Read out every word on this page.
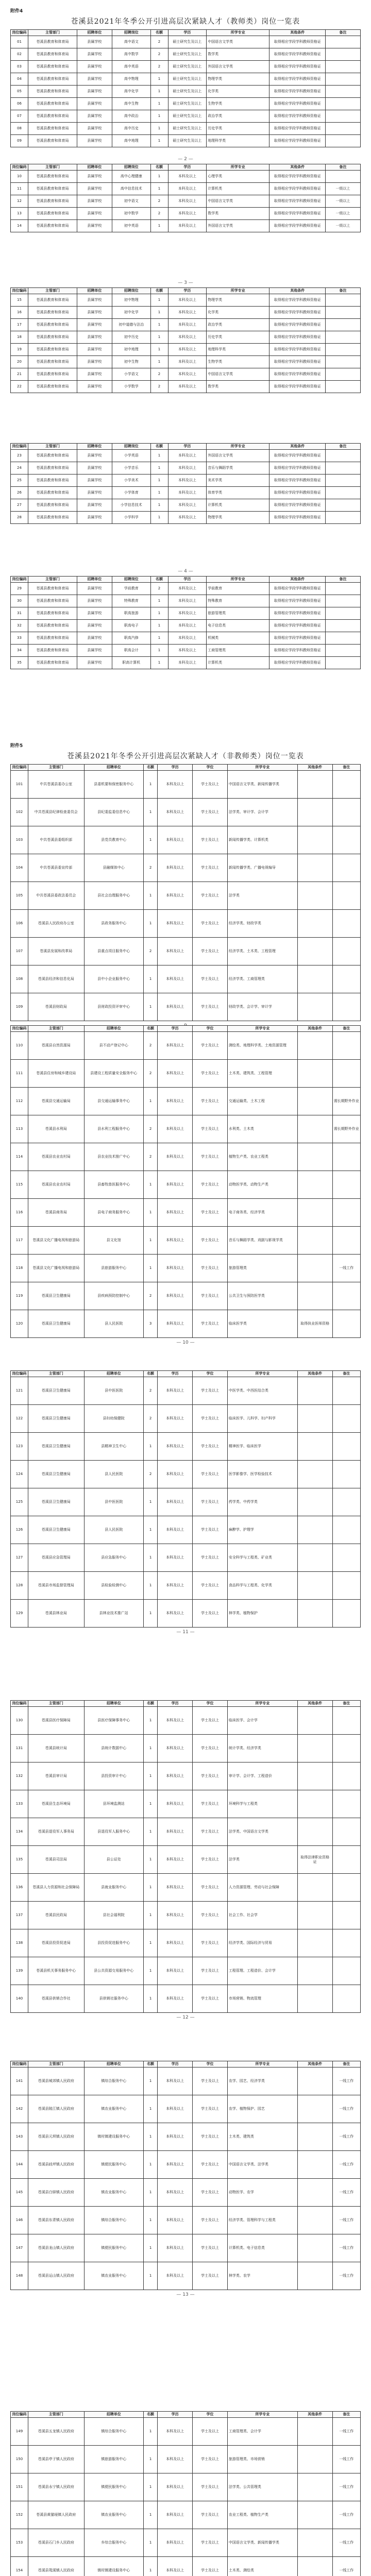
附件4
苍溪县2021年冬季公开引进高层次紧缺人才（教师类）岗位一览表
岗位编码	主管部门	招聘单位	招聘岗位	名额	学历	所学专业	其他条件	备注
01	苍溪县教育和体育局	县属学校	高中语文	2	硕士研究生及以上	中国语言文学类	取得相应学段学科教师资格证	
02	苍溪县教育和体育局	县属学校	高中数学	2	硕士研究生及以上	数学类	取得相应学段学科教师资格证	
03	苍溪县教育和体育局	县属学校	高中英语	2	硕士研究生及以上	外国语言文学类	取得相应学段学科教师资格证	
04	苍溪县教育和体育局	县属学校	高中物理	1	硕士研究生及以上	物理学类	取得相应学段学科教师资格证	
05	苍溪县教育和体育局	县属学校	高中化学	1	硕士研究生及以上	化学类	取得相应学段学科教师资格证	
06	苍溪县教育和体育局	县属学校	高中生物	1	硕士研究生及以上	生物学类	取得相应学段学科教师资格证	
07	苍溪县教育和体育局	县属学校	高中政治	1	硕士研究生及以上	政治学类	取得相应学段学科教师资格证	
08	苍溪县教育和体育局	县属学校	高中历史	1	硕士研究生及以上	历史学类	取得相应学段学科教师资格证	
09	苍溪县教育和体育局	县属学校	高中地理	1	硕士研究生及以上	地理科学类	取得相应学段学科教师资格证	
— 2 —
岗位编码	主管部门	招聘单位	招聘岗位	名额	学历	所学专业	其他条件	备注
10	苍溪县教育和体育局	县属学校	高中心理健康	1	本科及以上	心理学类	取得相应学段学科教师资格证	
11	苍溪县教育和体育局	县属学校	高中信息技术	1	本科及以上	计算机类	取得相应学段学科教师资格证	一级以上
12	苍溪县教育和体育局	县属学校	初中语文	2	本科及以上	中国语言文学类	取得相应学段学科教师资格证	一级以上
13	苍溪县教育和体育局	县属学校	初中数学	2	本科及以上	数学类	取得相应学段学科教师资格证	一级以上
14	苍溪县教育和体育局	县属学校	初中英语	1	本科及以上	外国语言文学类	取得相应学段学科教师资格证	一级以上
— 3 —
岗位编码	主管部门	招聘单位	招聘岗位	名额	学历	所学专业	其他条件	备注
15	苍溪县教育和体育局	县属学校	初中物理	1	本科及以上	物理学类	取得相应学段学科教师资格证	
16	苍溪县教育和体育局	县属学校	初中化学	1	本科及以上	化学类	取得相应学段学科教师资格证	
17	苍溪县教育和体育局	县属学校	初中道德与法治	1	本科及以上	政治学类	取得相应学段学科教师资格证	
18	苍溪县教育和体育局	县属学校	初中历史	1	本科及以上	历史学类	取得相应学段学科教师资格证	
19	苍溪县教育和体育局	县属学校	初中地理	1	本科及以上	地理科学类	取得相应学段学科教师资格证	
20	苍溪县教育和体育局	县属学校	初中生物	1	本科及以上	生物学类	取得相应学段学科教师资格证	
21	苍溪县教育和体育局	县属学校	小学语文	2	本科及以上	中国语言文学类	取得相应学段学科教师资格证	
22	苍溪县教育和体育局	县属学校	小学数学	2	本科及以上	数学类	取得相应学段学科教师资格证	
岗位编码	主管部门	招聘单位	招聘岗位	名额	学历	所学专业	其他条件	备注
23	苍溪县教育和体育局	县属学校	小学英语	1	本科及以上	外国语言文学类	取得相应学段学科教师资格证	
24	苍溪县教育和体育局	县属学校	小学音乐	1	本科及以上	音乐与舞蹈学类	取得相应学段学科教师资格证	
25	苍溪县教育和体育局	县属学校	小学美术	1	本科及以上	美术学类	取得相应学段学科教师资格证	
26	苍溪县教育和体育局	县属学校	小学体育	1	本科及以上	体育学类	取得相应学段学科教师资格证	
27	苍溪县教育和体育局	县属学校	小学信息技术	1	本科及以上	计算机类	取得相应学段学科教师资格证	
28	苍溪县教育和体育局	县属学校	小学科学	1	本科及以上	物理学类	取得相应学段学科教师资格证	
— 4 —
岗位编码	主管部门	招聘单位	招聘岗位	名额	学历	所学专业	其他条件	备注
29	苍溪县教育和体育局	县属学校	学前教育	2	本科及以上	学前教育	取得相应学段学科教师资格证	
30	苍溪县教育和体育局	县属学校	特殊教育	1	本科及以上	特殊教育	取得相应学段学科教师资格证	
31	苍溪县教育和体育局	县属学校	职高旅游	1	本科及以上	旅游管理类	取得相应学段学科教师资格证	
32	苍溪县教育和体育局	县属学校	职高电子	1	本科及以上	电子信息类	取得相应学段学科教师资格证	
33	苍溪县教育和体育局	县属学校	职高汽修	1	本科及以上	机械类	取得相应学段学科教师资格证	
34	苍溪县教育和体育局	县属学校	职高会计	1	本科及以上	工商管理类	取得相应学段学科教师资格证	
35	苍溪县教育和体育局	县属学校	职高计算机	1	本科及以上	计算机类	取得相应学段学科教师资格证	
附件5
苍溪县2021年冬季公开引进高层次紧缺人才（非教师类）岗位一览表
岗位编码	主管部门	招聘单位	名额	学历	学位	所学专业	其他条件	备注
101	中共苍溪县委办公室	县委机要和保密服务中心	1	本科及以上	学士及以上	中国语言文学类、新闻传播学类		
102	中共苍溪县纪律检查委员会	县纪委监委信息中心	1	本科及以上	学士及以上	法学类、审计学、会计学		
103	中共苍溪县委组织部	县党员教育中心	1	本科及以上	学士及以上	新闻传播学类、计算机类		
104	中共苍溪县委宣传部	县融媒体中心	2	本科及以上	学士及以上	新闻传播学类、广播电视编导		
105	中共苍溪县委政法委员会	县社会治理服务中心	1	本科及以上	学士及以上	法学类		
106	苍溪县人民政府办公室	县政务服务中心	1	本科及以上	学士及以上	经济学类、财政学类		
107	苍溪县发展和改革局	县重点项目服务中心	2	本科及以上	学士及以上	经济学类、土木类、工程管理		
108	苍溪县经济和信息化局	县中小企业服务中心	1	本科及以上	学士及以上	经济学类、工商管理类		
109	苍溪县财政局	县财政投资评审中心	1	本科及以上	学士及以上	财政学类、会计学、审计学		
岗位编码	主管部门	招聘单位	名额	学历	学位	所学专业	其他条件	备注
110	苍溪县自然资源局	县不动产登记中心	2	本科及以上	学士及以上	测绘类、地理科学类、土地资源管理		
111	苍溪县住房和城乡建设局	县建设工程质量安全服务中心	2	本科及以上	学士及以上	土木类、建筑类、工程管理		
112	苍溪县交通运输局	县交通运输事务中心	1	本科及以上	学士及以上	交通运输类、土木工程		需长期野外作业
113	苍溪县水利局	县水利工程服务中心	2	本科及以上	学士及以上	水利类、土木类		需长期野外作业
114	苍溪县农业农村局	县农业技术推广中心	2	本科及以上	学士及以上	植物生产类、农业工程类		
115	苍溪县农业农村局	县畜牧兽医服务中心	1	本科及以上	学士及以上	动物医学类、动物生产类		
116	苍溪县商务局	县电子商务服务中心	1	本科及以上	学士及以上	电子商务类、经济学类		
117	苍溪县文化广播电视和旅游局	县文化馆	1	本科及以上	学士及以上	音乐与舞蹈学类、戏剧与影视学类		
118	苍溪县文化广播电视和旅游局	县旅游服务中心	1	本科及以上	学士及以上	旅游管理类		一线工作
119	苍溪县卫生健康局	县疾病预防控制中心	2	本科及以上	学士及以上	公共卫生与预防医学类		
120	苍溪县卫生健康局	县人民医院	3	本科及以上	学士及以上	临床医学类	取得执业医师资格	
— 10 —
岗位编码	主管部门	招聘单位	名额	学历	学位	所学专业	其他条件	备注
121	苍溪县卫生健康局	县中医医院	2	本科及以上	学士及以上	中医学类、中西医结合类		
122	苍溪县卫生健康局	县妇幼保健院	2	本科及以上	学士及以上	临床医学、儿科学、妇产科学		
123	苍溪县卫生健康局	县精神卫生中心	1	本科及以上	学士及以上	精神医学、临床医学		
124	苍溪县卫生健康局	县人民医院	2	本科及以上	学士及以上	医学影像学、医学检验技术		
125	苍溪县卫生健康局	县中医医院	1	本科及以上	学士及以上	药学类、中药学类		
126	苍溪县卫生健康局	县人民医院	1	本科及以上	学士及以上	麻醉学、护理学		
127	苍溪县应急管理局	县应急服务中心	1	本科及以上	学士及以上	安全科学与工程类、矿业类		
128	苍溪县市场监督管理局	县检验检测中心	1	本科及以上	学士及以上	食品科学与工程类、化学类		
129	苍溪县林业局	县林业技术推广站	1	本科及以上	学士及以上	林学类、植物保护		
— 11 —
岗位编码	主管部门	招聘单位	名额	学历	学位	所学专业	其他条件	备注
130	苍溪县医疗保障局	县医疗保障事务中心	1	本科及以上	学士及以上	临床医学、会计学		
131	苍溪县统计局	县统计数据中心	1	本科及以上	学士及以上	统计学类、经济学类		
132	苍溪县审计局	县投资审计中心	1	本科及以上	学士及以上	审计学、会计学、工程造价		
133	苍溪县生态环境局	县环境监测站	1	本科及以上	学士及以上	环境科学与工程类		
134	苍溪县退役军人事务局	县退役军人服务中心	1	本科及以上	学士及以上	法学类、中国语言文学类		
135	苍溪县司法局	县公证处	1	本科及以上	学士及以上	法学类	取得法律职业资格证	
136	苍溪县人力资源和社会保障局	县就业服务中心	1	本科及以上	学士及以上	人力资源管理、劳动与社会保障		
137	苍溪县民政局	县社会福利院	1	本科及以上	学士及以上	社会工作、社会学		
138	苍溪县投资促进局	县投资促进服务中心	1	本科及以上	学士及以上	经济学类、国际经济与贸易		
139	苍溪县机关事务服务中心	县公共资源交易服务中心	1	本科及以上	学士及以上	工程管理、工程造价、会计学		
140	苍溪县供销合作社	县供销社服务中心	1	本科及以上	学士及以上	市场营销、物流管理		
— 12 —
岗位编码	主管部门	招聘单位	名额	学历	学位	所学专业	其他条件	备注
141	苍溪县城郊镇人民政府	镇综合服务中心	1	本科及以上	学士及以上	农学、园艺、经济学类		一线工作
142	苍溪县陵江镇人民政府	镇农业服务中心	1	本科及以上	学士及以上	农学、植物保护、园艺		一线工作
143	苍溪县元坝镇人民政府	镇村镇建设服务中心	1	本科及以上	学士及以上	土木类、建筑类		一线工作
144	苍溪县歧坪镇人民政府	镇便民服务中心	1	本科及以上	学士及以上	中国语言文学类、法学类		一线工作
145	苍溪县白驿镇人民政府	镇农业服务中心	1	本科及以上	学士及以上	动物医学、农学		一线工作
146	苍溪县东青镇人民政府	镇综合服务中心	1	本科及以上	学士及以上	经济学类、管理科学与工程类		一线工作
147	苍溪县龙山镇人民政府	镇便民服务中心	1	本科及以上	学士及以上	计算机类、电子信息类		一线工作
148	苍溪县运山镇人民政府	镇农业服务中心	1	本科及以上	学士及以上	林学类、农学		一线工作
— 13 —
岗位编码	主管部门	招聘单位	名额	学历	学位	所学专业	其他条件	备注
149	苍溪县五龙镇人民政府	镇综合服务中心	1	本科及以上	学士及以上	工商管理类、会计学		一线工作
150	苍溪县亭子镇人民政府	镇旅游服务中心	1	本科及以上	学士及以上	旅游管理类、市场营销		一线工作
151	苍溪县永宁镇人民政府	镇便民服务中心	1	本科及以上	学士及以上	法学类、公共管理类		一线工作
152	苍溪县黄猫垭镇人民政府	镇农业服务中心	1	本科及以上	学士及以上	农业工程类、植物生产类		一线工作
153	苍溪县石门乡人民政府	乡综合服务中心	1	本科及以上	学士及以上	中国语言文学类、新闻传播学类		一线工作
154	苍溪县鸳溪镇人民政府	镇村镇建设服务中心	1	本科及以上	学士及以上	土木类、测绘类		一线工作
